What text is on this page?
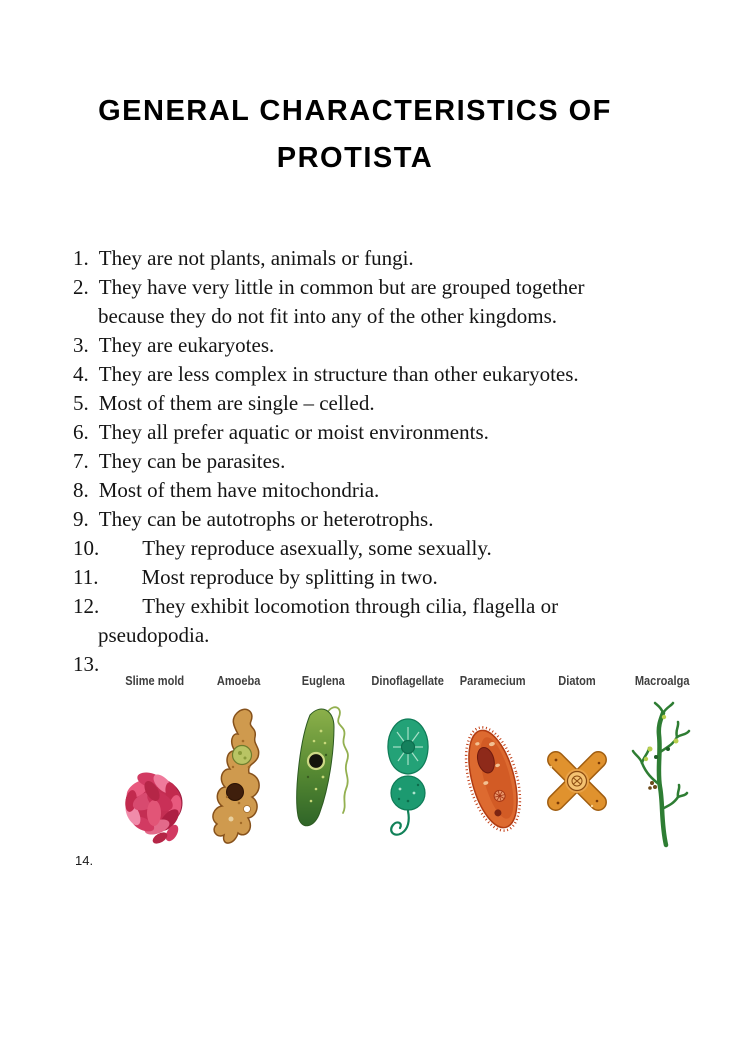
GENERAL CHARACTERISTICS OF
PROTISTA
1. They are not plants, animals or fungi.
2. They have very little in common but are grouped together because they do not fit into any of the other kingdoms.
3. They are eukaryotes.
4. They are less complex in structure than other eukaryotes.
5. Most of them are single – celled.
6. They all prefer aquatic or moist environments.
7. They can be parasites.
8. Most of them have mitochondria.
9. They can be autotrophs or heterotrophs.
10. They reproduce asexually, some sexually.
11. Most reproduce by splitting in two.
12. They exhibit locomotion through cilia, flagella or pseudopodia.
13.
Slime mold	Amoeba	Euglena Dinoflagellate Paramecium	Diatom	Macroalga
14.
